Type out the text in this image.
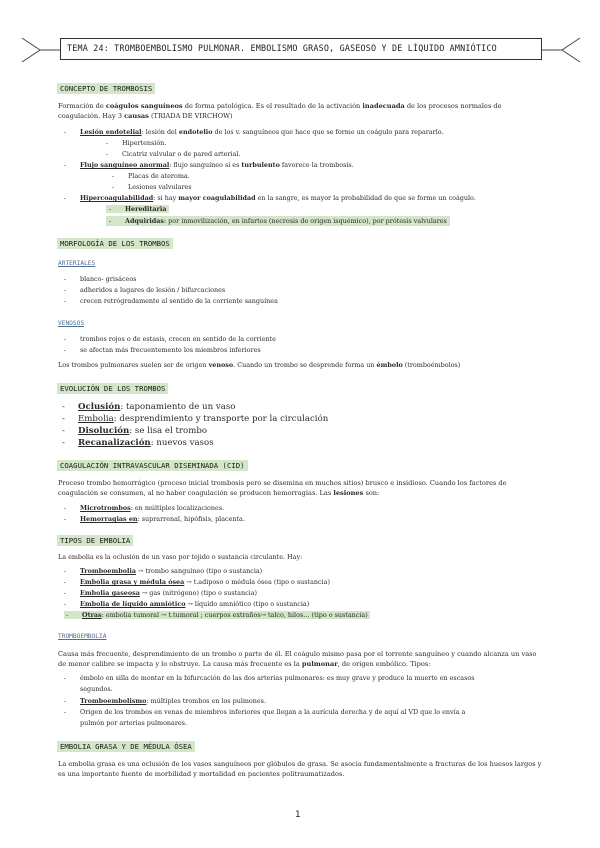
TEMA 24: TROMBOEMBOLISMO PULMONAR. EMBOLISMO GRASO, GASEOSO Y DE LÍQUIDO AMNIÓTICO
CONCEPTO DE TROMBOSIS
Formación de coágulos sanguíneos de forma patológica. Es el resultado de la activación inadecuada de los procesos normales de coagulación. Hay 3 causas (TRIADA DE VIRCHOW)
- Lesión endotelial: lesión del endotelio de los v. sanguíneos que hace que se forme un coágulo para repararlo.
- Hipertensión.
- Cicatriz valvular o de pared arterial.
- Flujo sanguíneo anormal: flujo sanguíneo si es turbulento favorece la trombosis.
- Placas de ateroma.
- Lesiones valvulares
- Hipercoagulabilidad: si hay mayor coagulabilidad en la sangre, es mayor la probabilidad de que se forme un coágulo.
- Hereditaria
- Adquiridas: por inmovilización, en infartos (necrosis de origen isquémico), por prótesis valvulares
MORFOLOGÍA DE LOS TROMBOS
ARTERIALES
- blanco- grisáceos
- adheridos a lugares de lesión / bifurcaciones
- crecen retrógradamente al sentido de la corriente sanguínea
VENOSOS
- trombos rojos o de estasis, crecen en sentido de la corriente
- se afectan más frecuentemente los miembros inferiores
Los trombos pulmonares suelen ser de origen venoso. Cuando un trombo se desprende forma un émbolo (tromboémbolos)
EVOLUCIÓN DE LOS TROMBOS
- Oclusión: taponamiento de un vaso
- Embolia: desprendimiento y transporte por la circulación
- Disolución: se lisa el trombo
- Recanalización: nuevos vasos
COAGULACIÓN INTRAVASCULAR DISEMINADA (CID)
Proceso trombo hemorrágico (proceso inicial trombosis pero se disemina en muchos sitios) brusco e insidioso. Cuando los factores de coagulación se consumen, al no haber coagulación se producen hemorragias. Las lesiones son:
- Microtrombos: en múltiples localizaciones.
- Hemorragias en: suprarrenal, hipófisis, placenta.
TIPOS DE EMBOLIA
La embolia es la oclusión de un vaso por tejido o sustancia circulante. Hay:
- Tromboembolia → trombo sanguíneo (tipo o sustancia)
- Embolia grasa y médula ósea → t.adiposo o médula ósea (tipo o sustancia)
- Embolia gaseosa → gas (nitrógeno) (tipo o sustancia)
- Embolia de líquido amniótico → líquido amniótico (tipo o sustancia)
- Otras: embolia tumoral → t.tumoral ; cuerpos extraños→ talco, hilos… (tipo o sustancia)
TROMBOEMBOLIA
Causa más frecuente, desprendimiento de un trombo o parte de él. El coágulo mismo pasa por el torrente sanguíneo y cuando alcanza un vaso de menor calibre se impacta y lo obstruye. La causa más frecuente es la pulmonar, de origen embólico. Tipos:
- émbolo en silla de montar en la bifurcación de las dos arterias pulmonares: es muy grave y produce la muerte en escasos
segundos.
- Tromboembolismo: múltiples trombos en los pulmones.
- Origen de los trombos en venas de miembros inferiores que llegan a la aurícula derecha y de aquí al VD que lo envía a
pulmón por arterias pulmonares.
EMBOLIA GRASA Y DE MÉDULA ÓSEA
La embolia grasa es una oclusión de los vasos sanguíneos por glóbulos de grasa. Se asocia fundamentalmente a fracturas de los huesos largos y es una importante fuente de morbilidad y mortalidad en pacientes politraumatizados.
1
